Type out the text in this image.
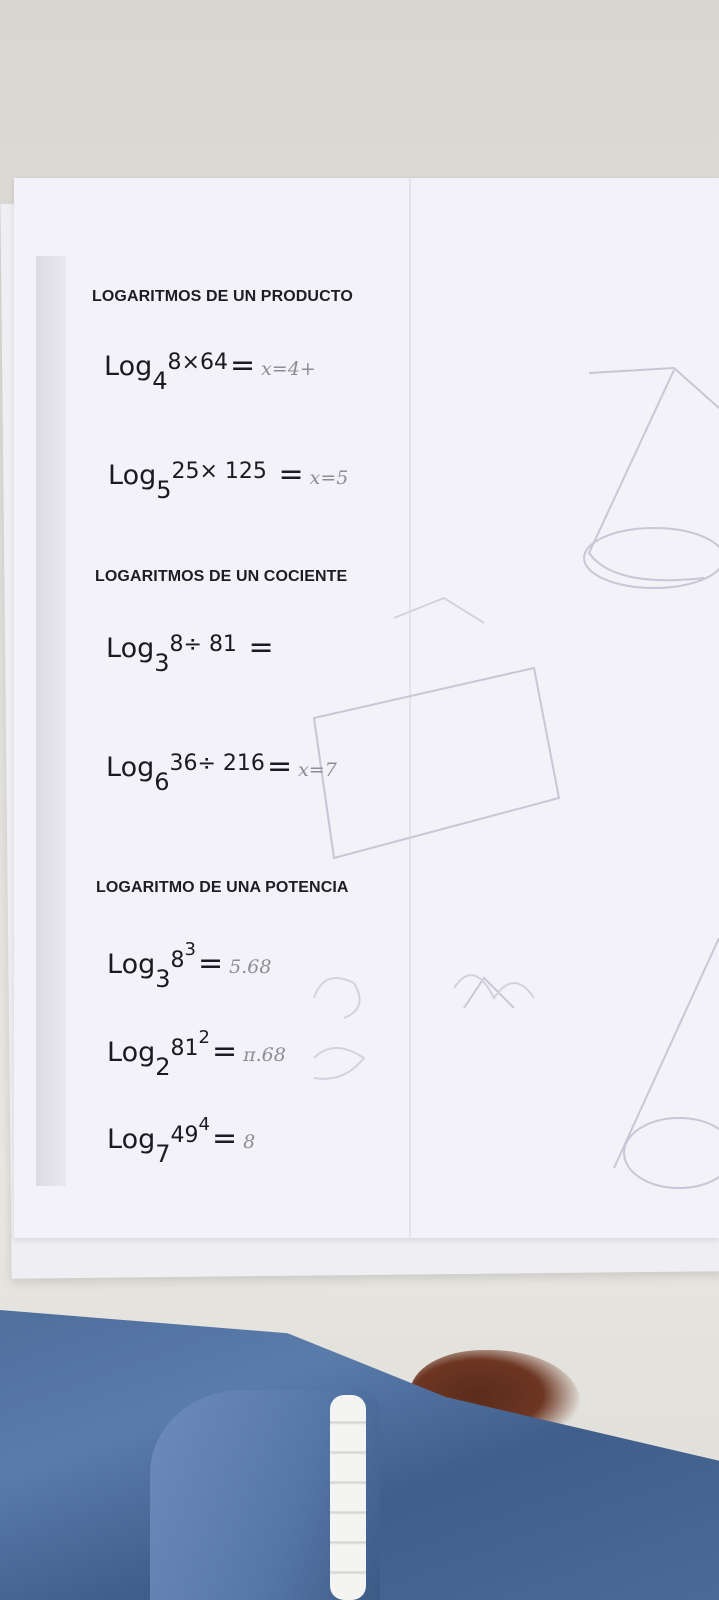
LOGARITMOS DE UN PRODUCTO
$Log4^{8\times 64}= x=4+$
$Log5^{25\times 125} = x=5$
LOGARITMOS DE UN COCIENTE
$Log3^{8\div 81}$ =
$Log6^{36\div 216}= x=7$
LOGARITMO DE UNA POTENCIA
$Log3^{83}= 5.68$
$Log2^{812}= \pi.68$
$Log7^{494}= 8$
